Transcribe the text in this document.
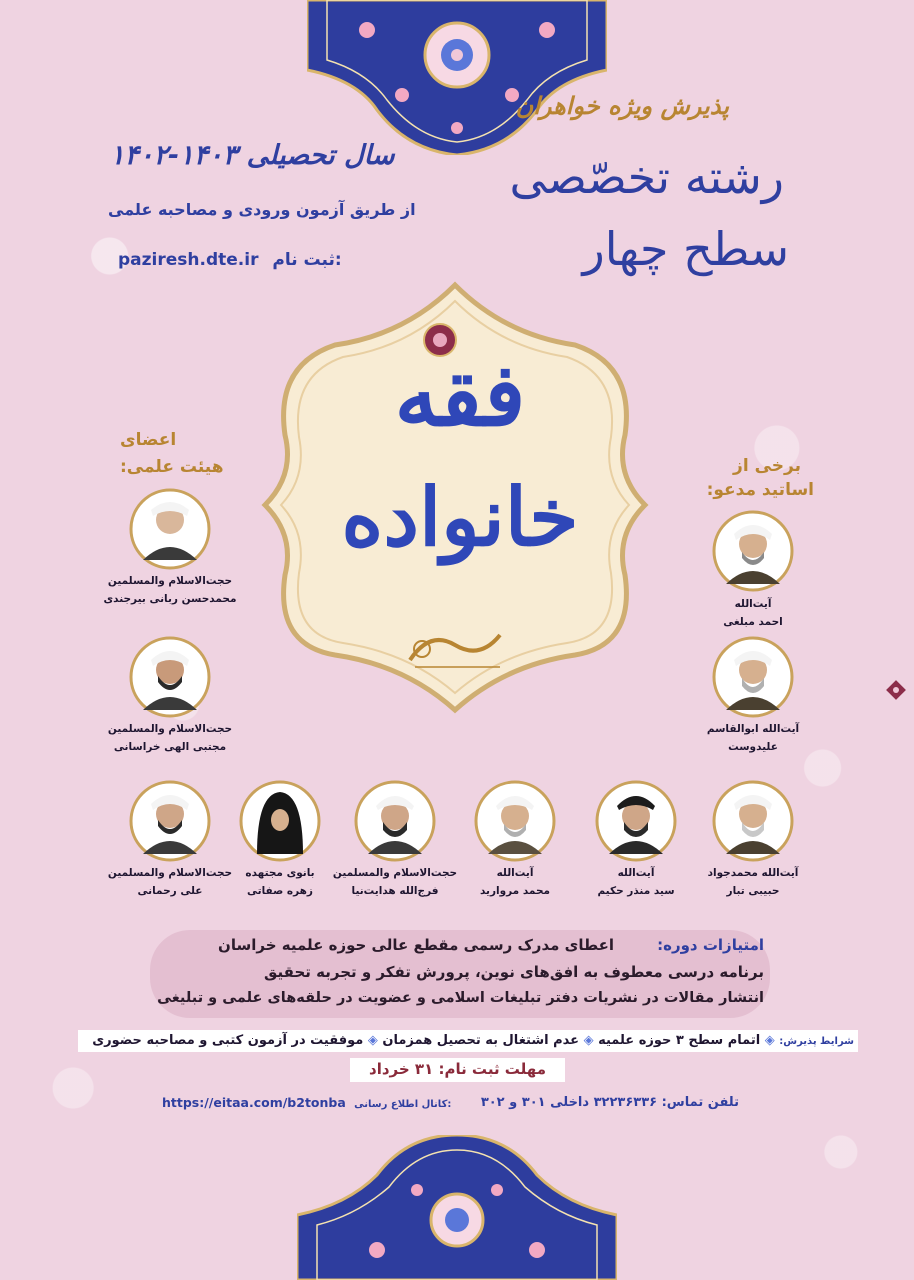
پذیرش ویژه خواهران
رشته تخصّصی
سطح چهار
سال تحصیلی ۱۴۰۳-۱۴۰۲
از طریق آزمون ورودی و مصاحبه علمی
paziresh.dte.ir ثبت نام:
فقه
خانواده
اعضای
هیئت علمی:	برخی از
اساتید مدعو:
حجت‌الاسلام والمسلمین
محمدحسن ربانی بیرجندی
حجت‌الاسلام والمسلمین
مجتبی الهی خراسانی
حجت‌الاسلام والمسلمین
علی رحمانی
آیت‌الله
احمد مبلغی
آیت‌الله ابوالقاسم
علیدوست
آیت‌الله محمدجواد
حبیبی تبار
آیت‌الله
سید منذر حکیم
آیت‌الله
محمد مروارید
حجت‌الاسلام والمسلمین
فرج‌الله هدایت‌نیا
بانوی مجتهده
زهره صفاتی
امتیازات دوره:
اعطای مدرک رسمی مقطع عالی حوزه علمیه خراسان
برنامه درسی معطوف به افق‌های نوین، پرورش تفکر و تجربه تحقیق
انتشار مقالات در نشریات دفتر تبلیغات اسلامی و عضویت در حلقه‌های علمی و تبلیغی
شرایط پذیرش: ◈ اتمام سطح ۳ حوزه علمیه ◈ عدم اشتغال به تحصیل همزمان ◈ موفقیت در آزمون کتبی و مصاحبه حضوری
مهلت ثبت نام: ۳۱ خرداد
تلفن تماس: ۳۲۲۳۶۳۳۶ داخلی ۳۰۱ و ۳۰۲
https://eitaa.com/b2tonba کانال اطلاع رسانی:
